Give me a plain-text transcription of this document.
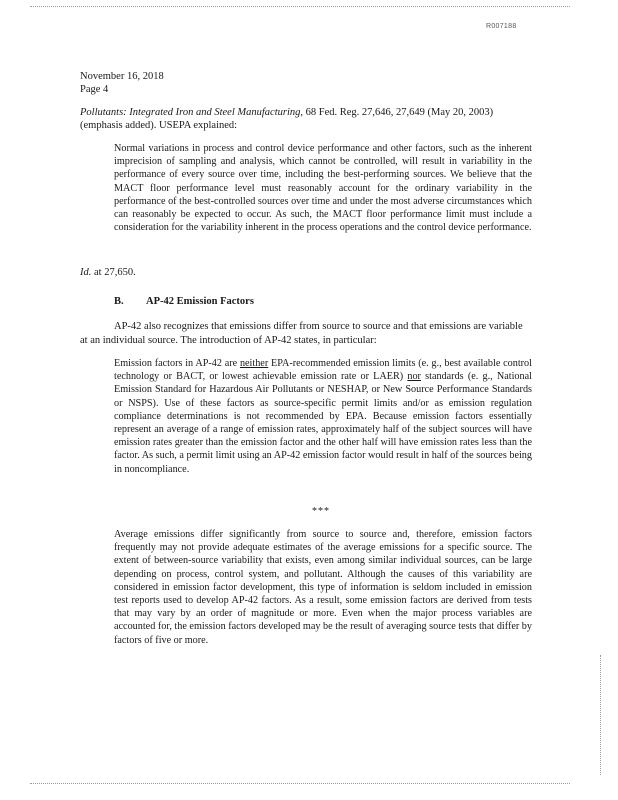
R007188
November 16, 2018
Page 4
Pollutants: Integrated Iron and Steel Manufacturing, 68 Fed. Reg. 27,646, 27,649 (May 20, 2003) (emphasis added). USEPA explained:
Normal variations in process and control device performance and other factors, such as the inherent imprecision of sampling and analysis, which cannot be controlled, will result in variability in the performance of every source over time, including the best-performing sources. We believe that the MACT floor performance level must reasonably account for the ordinary variability in the performance of the best-controlled sources over time and under the most adverse circumstances which can reasonably be expected to occur. As such, the MACT floor performance limit must include a consideration for the variability inherent in the process operations and the control device performance.
Id. at 27,650.
B. AP-42 Emission Factors
AP-42 also recognizes that emissions differ from source to source and that emissions are variable at an individual source. The introduction of AP-42 states, in particular:
Emission factors in AP-42 are neither EPA-recommended emission limits (e. g., best available control technology or BACT, or lowest achievable emission rate or LAER) nor standards (e. g., National Emission Standard for Hazardous Air Pollutants or NESHAP, or New Source Performance Standards or NSPS). Use of these factors as source-specific permit limits and/or as emission regulation compliance determinations is not recommended by EPA. Because emission factors essentially represent an average of a range of emission rates, approximately half of the subject sources will have emission rates greater than the emission factor and the other half will have emission rates less than the factor. As such, a permit limit using an AP-42 emission factor would result in half of the sources being in noncompliance.
***
Average emissions differ significantly from source to source and, therefore, emission factors frequently may not provide adequate estimates of the average emissions for a specific source. The extent of between-source variability that exists, even among similar individual sources, can be large depending on process, control system, and pollutant. Although the causes of this variability are considered in emission factor development, this type of information is seldom included in emission test reports used to develop AP-42 factors. As a result, some emission factors are derived from tests that may vary by an order of magnitude or more. Even when the major process variables are accounted for, the emission factors developed may be the result of averaging source tests that differ by factors of five or more.
